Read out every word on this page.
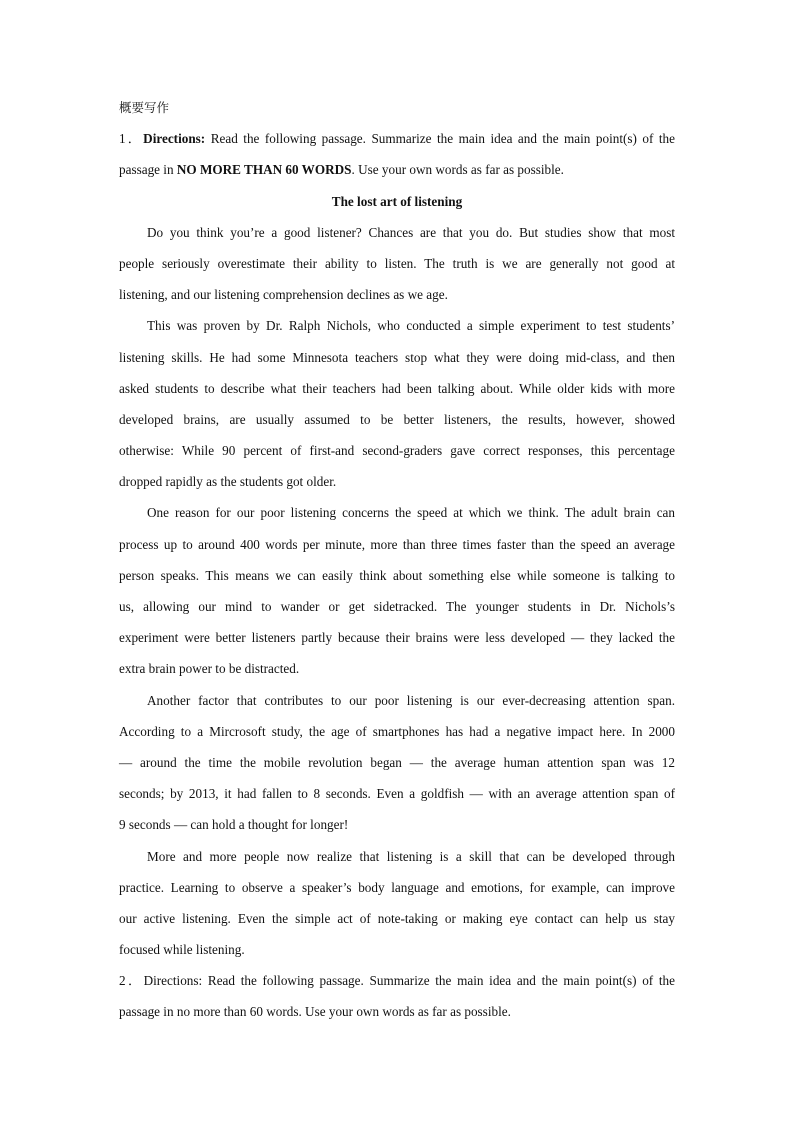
概要写作
1．Directions: Read the following passage. Summarize the main idea and the main point(s) of the
passage in NO MORE THAN 60 WORDS. Use your own words as far as possible.
The lost art of listening
Do you think you’re a good listener? Chances are that you do. But studies show that most
people seriously overestimate their ability to listen. The truth is we are generally not good at
listening, and our listening comprehension declines as we age.
This was proven by Dr. Ralph Nichols, who conducted a simple experiment to test students’
listening skills. He had some Minnesota teachers stop what they were doing mid-class, and then
asked students to describe what their teachers had been talking about. While older kids with more
developed brains, are usually assumed to be better listeners, the results, however, showed
otherwise: While 90 percent of first-and second-graders gave correct responses, this percentage
dropped rapidly as the students got older.
One reason for our poor listening concerns the speed at which we think. The adult brain can
process up to around 400 words per minute, more than three times faster than the speed an average
person speaks. This means we can easily think about something else while someone is talking to
us, allowing our mind to wander or get sidetracked. The younger students in Dr. Nichols’s
experiment were better listeners partly because their brains were less developed — they lacked the
extra brain power to be distracted.
Another factor that contributes to our poor listening is our ever-decreasing attention span.
According to a Mircrosoft study, the age of smartphones has had a negative impact here. In 2000
— around the time the mobile revolution began — the average human attention span was 12
seconds; by 2013, it had fallen to 8 seconds. Even a goldfish — with an average attention span of
9 seconds — can hold a thought for longer!
More and more people now realize that listening is a skill that can be developed through
practice. Learning to observe a speaker’s body language and emotions, for example, can improve
our active listening. Even the simple act of note-taking or making eye contact can help us stay
focused while listening.
2．Directions: Read the following passage. Summarize the main idea and the main point(s) of the
passage in no more than 60 words. Use your own words as far as possible.
